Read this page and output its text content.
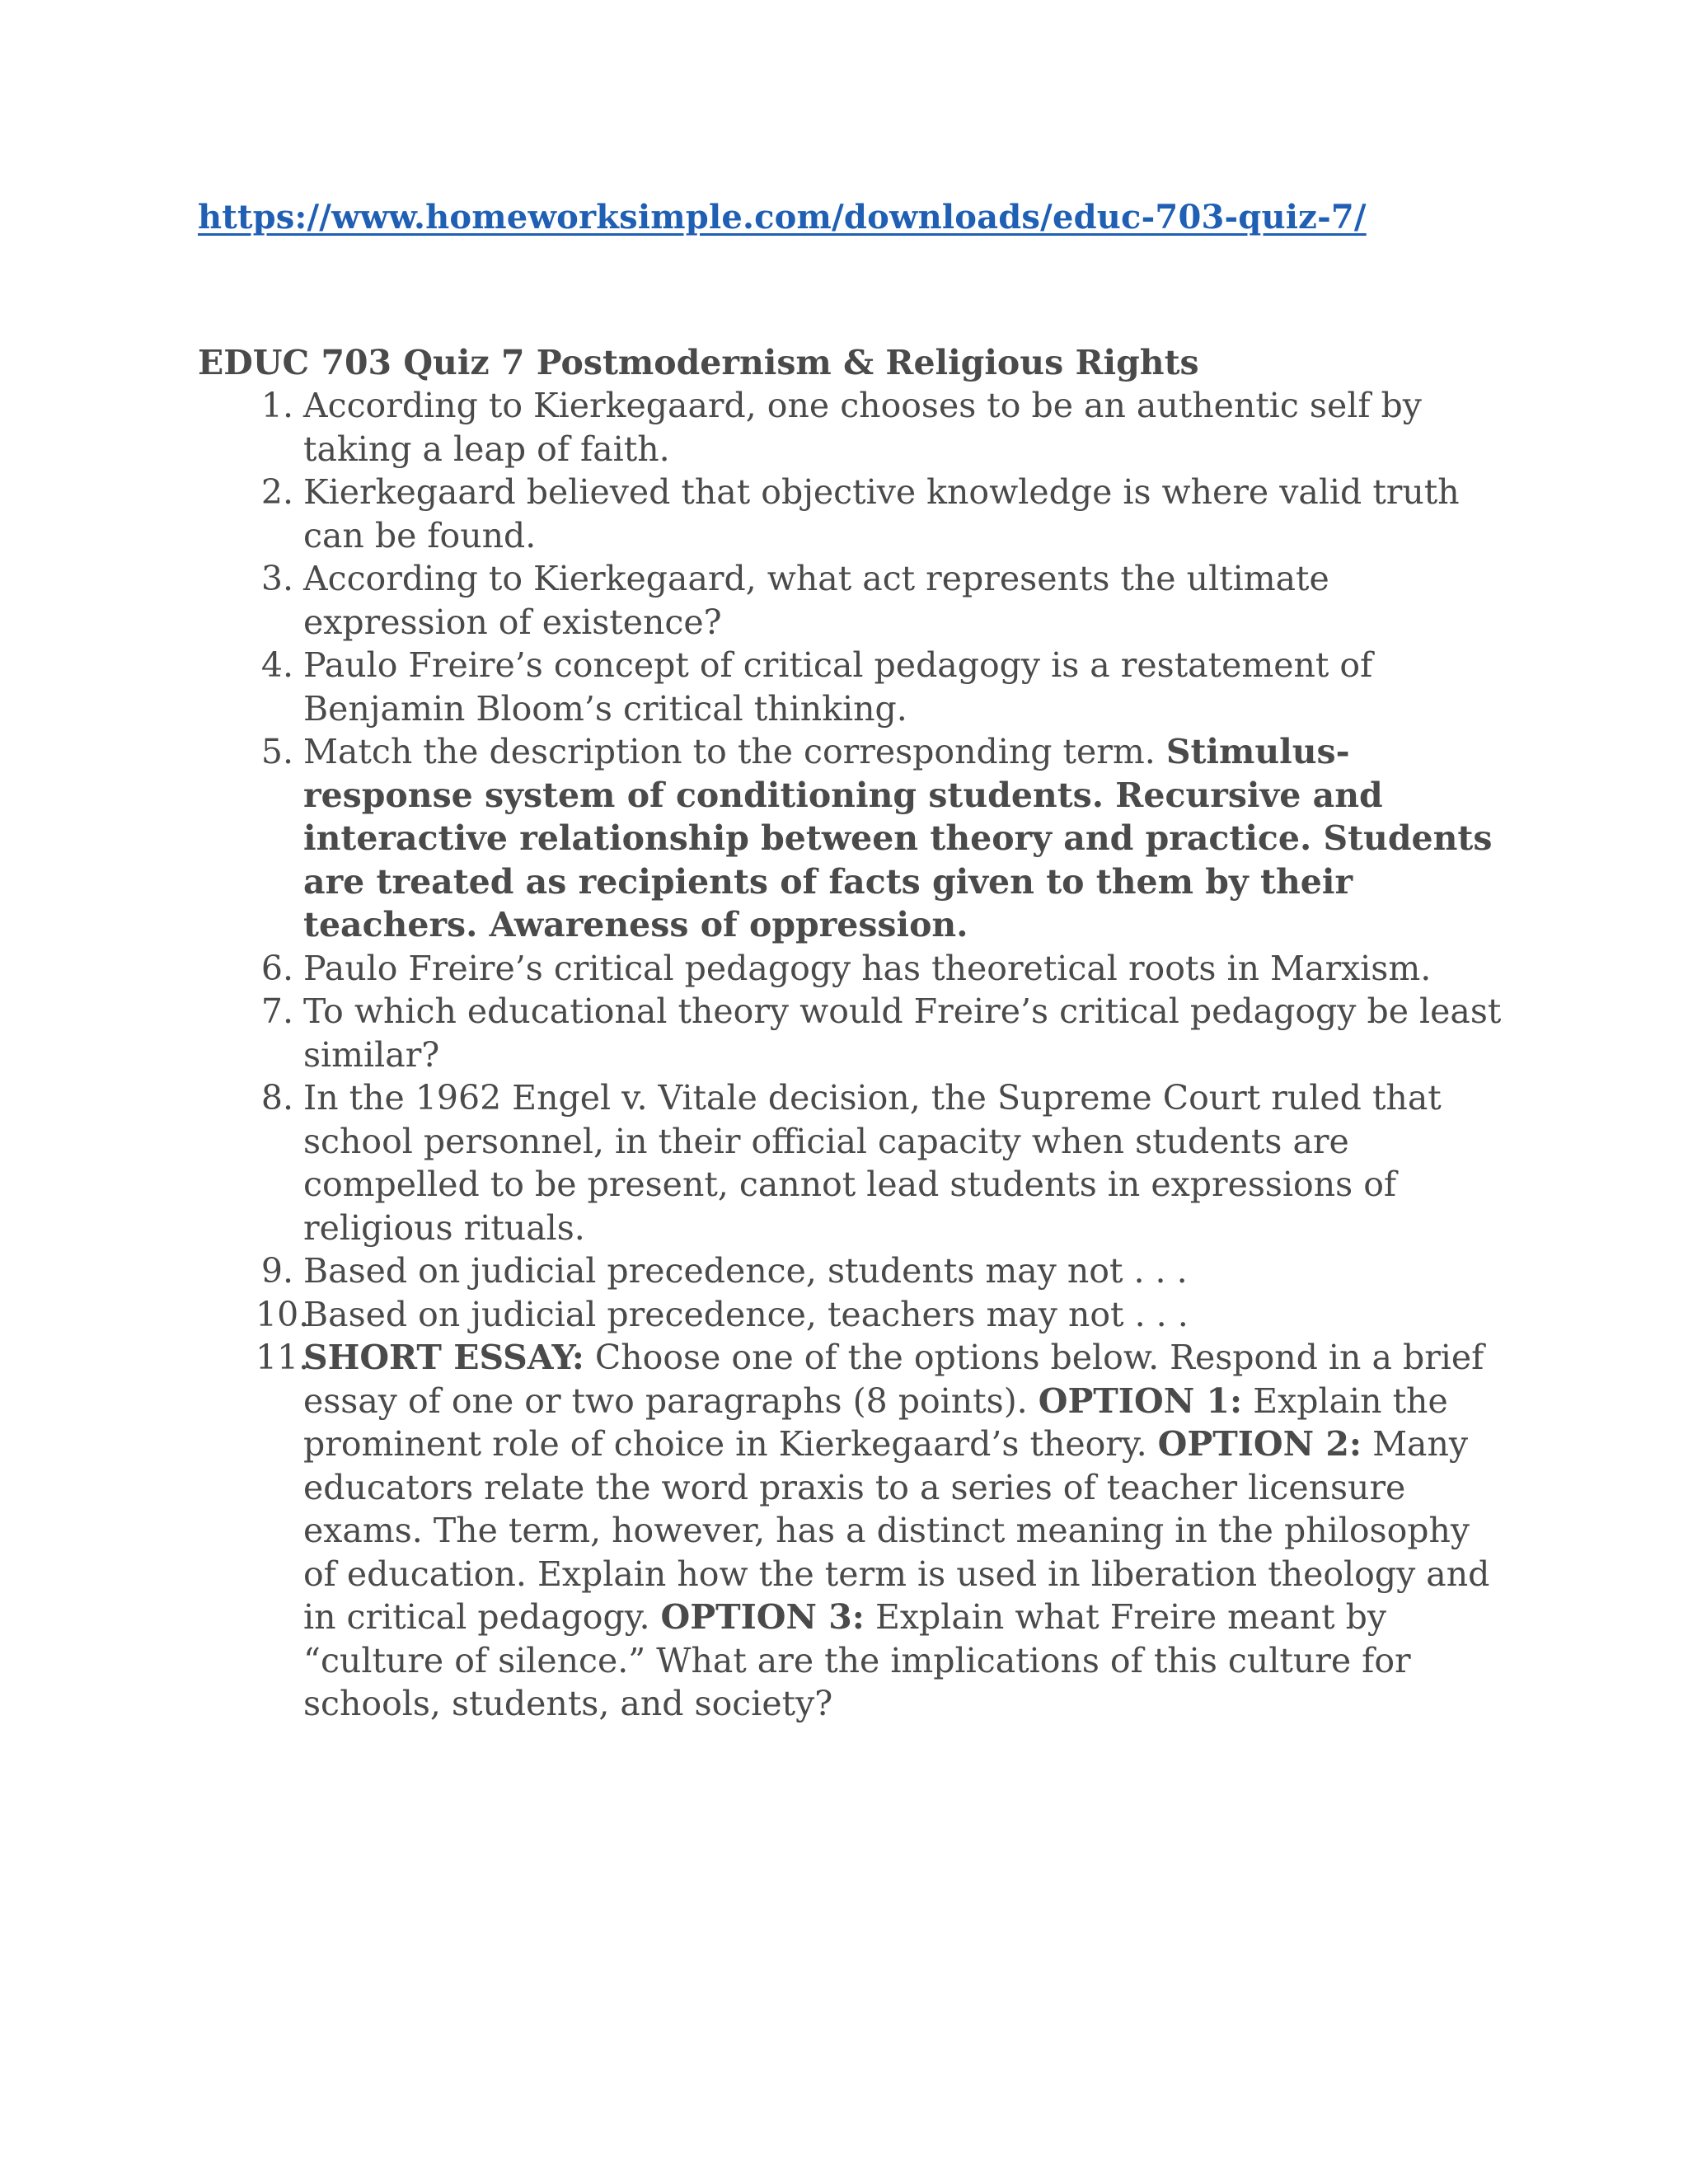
https://www.homeworksimple.com/downloads/educ-703-quiz-7/
EDUC 703 Quiz 7 Postmodernism & Religious Rights
1. According to Kierkegaard, one chooses to be an authentic self by taking a leap of faith.
2. Kierkegaard believed that objective knowledge is where valid truth can be found.
3. According to Kierkegaard, what act represents the ultimate expression of existence?
4. Paulo Freire’s concept of critical pedagogy is a restatement of Benjamin Bloom’s critical thinking.
5. Match the description to the corresponding term. Stimulus-response system of conditioning students. Recursive and interactive relationship between theory and practice. Students are treated as recipients of facts given to them by their teachers. Awareness of oppression.
6. Paulo Freire’s critical pedagogy has theoretical roots in Marxism.
7. To which educational theory would Freire’s critical pedagogy be least similar?
8. In the 1962 Engel v. Vitale decision, the Supreme Court ruled that school personnel, in their official capacity when students are compelled to be present, cannot lead students in expressions of religious rituals.
9. Based on judicial precedence, students may not . . .
10.
Based on judicial precedence, teachers may not . . .
11.
SHORT ESSAY: Choose one of the options below. Respond in a brief essay of one or two paragraphs (8 points). OPTION 1: Explain the prominent role of choice in Kierkegaard’s theory. OPTION 2: Many educators relate the word praxis to a series of teacher licensure exams. The term, however, has a distinct meaning in the philosophy of education. Explain how the term is used in liberation theology and in critical pedagogy. OPTION 3: Explain what Freire meant by “culture of silence.” What are the implications of this culture for schools, students, and society?
